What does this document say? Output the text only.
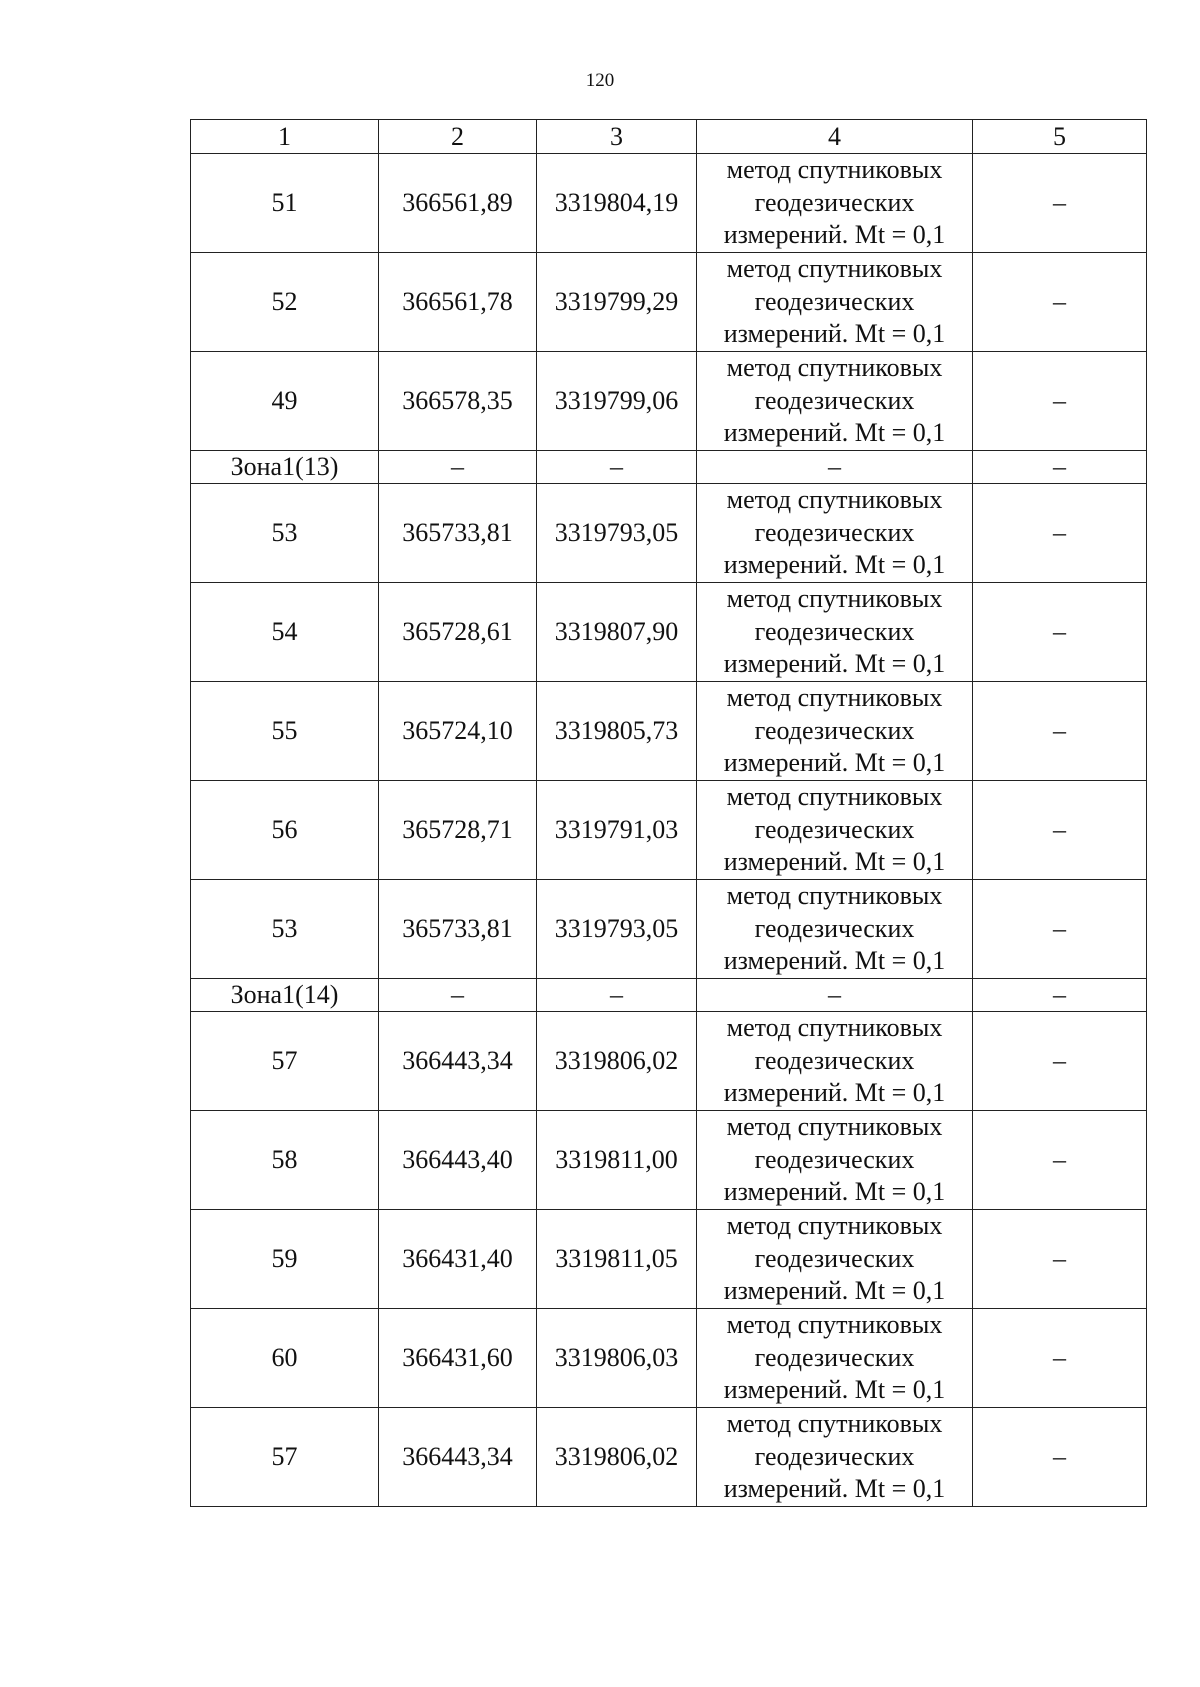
120
1	2	3	4	5
51	366561,89	3319804,19	метод спутниковых
геодезических
измерений. Mt = 0,1	–
52	366561,78	3319799,29	метод спутниковых
геодезических
измерений. Mt = 0,1	–
49	366578,35	3319799,06	метод спутниковых
геодезических
измерений. Mt = 0,1	–
Зона1(13)	–	–	–	–
53	365733,81	3319793,05	метод спутниковых
геодезических
измерений. Mt = 0,1	–
54	365728,61	3319807,90	метод спутниковых
геодезических
измерений. Mt = 0,1	–
55	365724,10	3319805,73	метод спутниковых
геодезических
измерений. Mt = 0,1	–
56	365728,71	3319791,03	метод спутниковых
геодезических
измерений. Mt = 0,1	–
53	365733,81	3319793,05	метод спутниковых
геодезических
измерений. Mt = 0,1	–
Зона1(14)	–	–	–	–
57	366443,34	3319806,02	метод спутниковых
геодезических
измерений. Mt = 0,1	–
58	366443,40	3319811,00	метод спутниковых
геодезических
измерений. Mt = 0,1	–
59	366431,40	3319811,05	метод спутниковых
геодезических
измерений. Mt = 0,1	–
60	366431,60	3319806,03	метод спутниковых
геодезических
измерений. Mt = 0,1	–
57	366443,34	3319806,02	метод спутниковых
геодезических
измерений. Mt = 0,1	–
